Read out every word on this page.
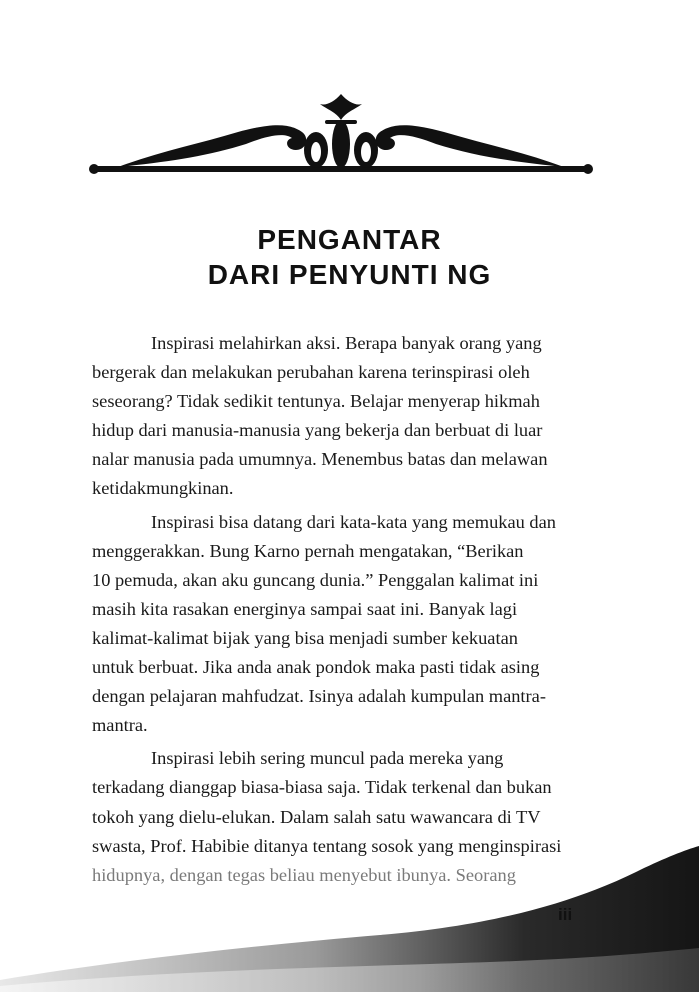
PENGANTAR
DARI PENYUNTI NG
Inspirasi melahirkan aksi. Berapa banyak orang yang
bergerak dan melakukan perubahan karena terinspirasi oleh
seseorang? Tidak sedikit tentunya. Belajar menyerap hikmah
hidup dari manusia-manusia yang bekerja dan berbuat di luar
nalar manusia pada umumnya. Menembus batas dan melawan
ketidakmungkinan.
Inspirasi bisa datang dari kata-kata yang memukau dan
menggerakkan. Bung Karno pernah mengatakan, “Berikan
10 pemuda, akan aku guncang dunia.” Penggalan kalimat ini
masih kita rasakan energinya sampai saat ini. Banyak lagi
kalimat-kalimat bijak yang bisa menjadi sumber kekuatan
untuk berbuat. Jika anda anak pondok maka pasti tidak asing
dengan pelajaran mahfudzat. Isinya adalah kumpulan mantra-
mantra.
Inspirasi lebih sering muncul pada mereka yang
terkadang dianggap biasa-biasa saja. Tidak terkenal dan bukan
tokoh yang dielu-elukan. Dalam salah satu wawancara di TV
swasta, Prof. Habibie ditanya tentang sosok yang menginspirasi
hidupnya, dengan tegas beliau menyebut ibunya. Seorang
iii
